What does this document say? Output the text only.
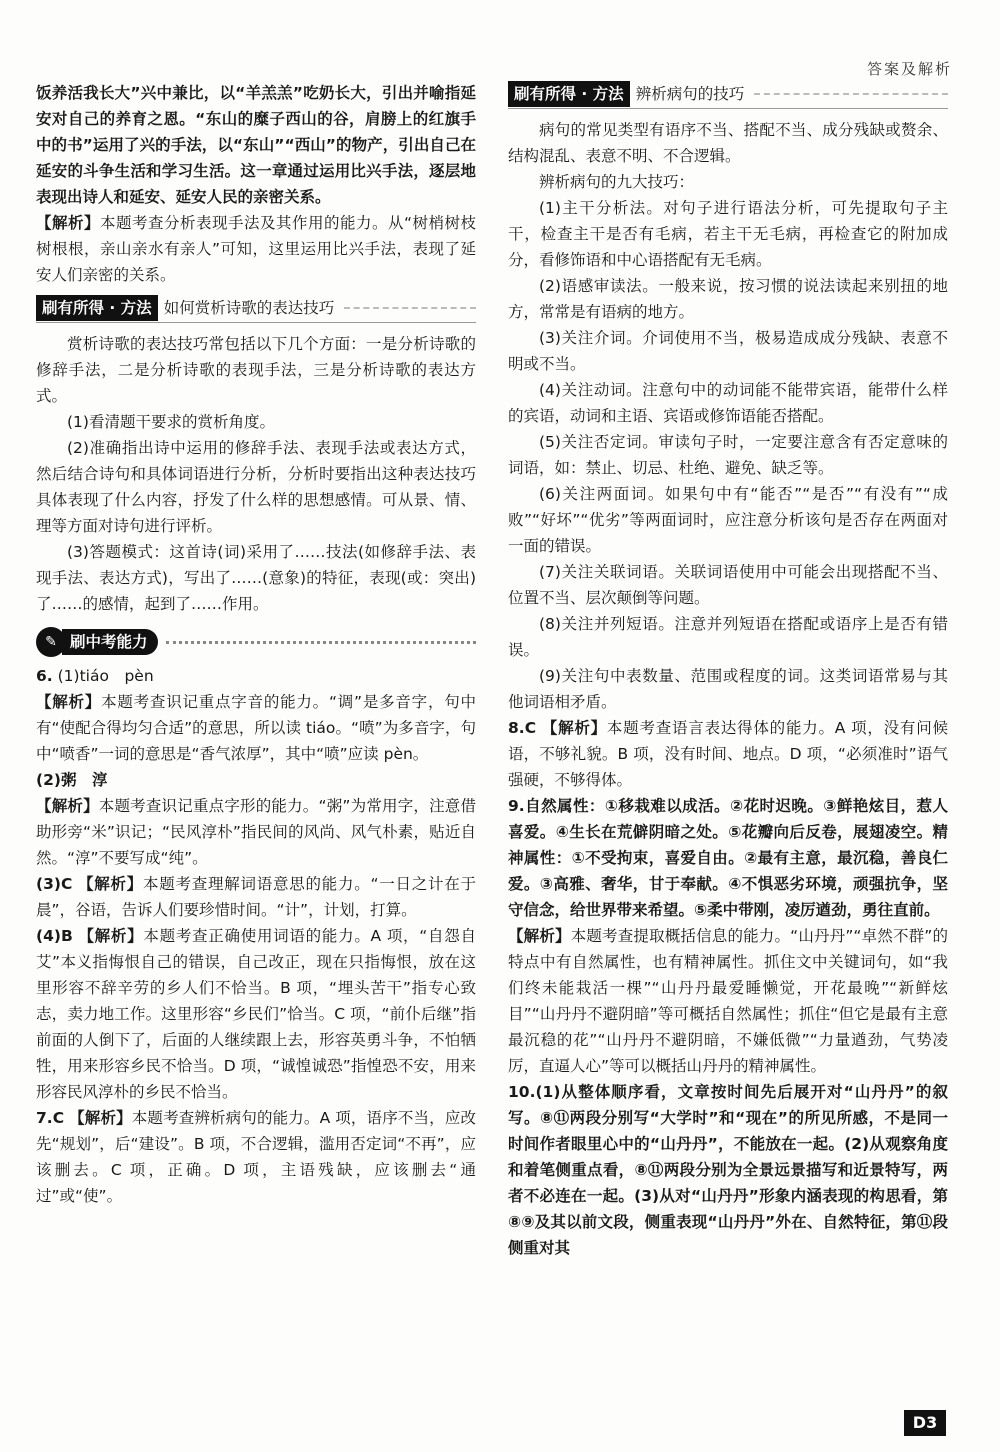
答案及解析

饭养活我长大”兴中兼比，以“羊羔羔”吃奶长大，引出并喻指延安对自己的养育之恩。“东山的糜子西山的谷，肩膀上的红旗手中的书”运用了兴的手法，以“东山”“西山”的物产，引出自己在延安的斗争生活和学习生活。这一章通过运用比兴手法，逐层地表现出诗人和延安、延安人民的亲密关系。

【解析】本题考查分析表现手法及其作用的能力。从“树梢树枝树根根，亲山亲水有亲人”可知，这里运用比兴手法，表现了延安人们亲密的关系。

刷有所得 · 方法 如何赏析诗歌的表达技巧

赏析诗歌的表达技巧常包括以下几个方面：一是分析诗歌的修辞手法，二是分析诗歌的表现手法，三是分析诗歌的表达方式。

(1)看清题干要求的赏析角度。

(2)准确指出诗中运用的修辞手法、表现手法或表达方式，然后结合诗句和具体词语进行分析，分析时要指出这种表达技巧具体表现了什么内容，抒发了什么样的思想感情。可从景、情、理等方面对诗句进行评析。

(3)答题模式：这首诗(词)采用了……技法(如修辞手法、表现手法、表达方式)，写出了……(意象)的特征，表现(或：突出)了……的感情，起到了……作用。

✎ 刷中考能力

6. (1)tiáo　pèn

【解析】本题考查识记重点字音的能力。“调”是多音字，句中有“使配合得均匀合适”的意思，所以读 tiáo。“喷”为多音字，句中“喷香”一词的意思是“香气浓厚”，其中“喷”应读 pèn。

(2)粥　淳

【解析】本题考查识记重点字形的能力。“粥”为常用字，注意借助形旁“米”识记；“民风淳朴”指民间的风尚、风气朴素，贴近自然。“淳”不要写成“纯”。

(3)C 【解析】本题考查理解词语意思的能力。“一日之计在于晨”，谷语，告诉人们要珍惜时间。“计”，计划，打算。

(4)B 【解析】本题考查正确使用词语的能力。A 项，“自怨自艾”本义指悔恨自己的错误，自己改正，现在只指悔恨，放在这里形容不辞辛劳的乡人们不恰当。B 项，“埋头苦干”指专心致志，卖力地工作。这里形容“乡民们”恰当。C 项，“前仆后继”指前面的人倒下了，后面的人继续跟上去，形容英勇斗争，不怕牺牲，用来形容乡民不恰当。D 项，“诚惶诚恐”指惶恐不安，用来形容民风淳朴的乡民不恰当。

7.C 【解析】本题考查辨析病句的能力。A 项，语序不当，应改先“规划”，后“建设”。B 项，不合逻辑，滥用否定词“不再”，应该删去。C 项，正确。D 项，主语残缺，应该删去“通过”或“使”。

刷有所得 · 方法 辨析病句的技巧

病句的常见类型有语序不当、搭配不当、成分残缺或赘余、结构混乱、表意不明、不合逻辑。

辨析病句的九大技巧：

(1)主干分析法。对句子进行语法分析，可先提取句子主干，检查主干是否有毛病，若主干无毛病，再检查它的附加成分，看修饰语和中心语搭配有无毛病。

(2)语感审读法。一般来说，按习惯的说法读起来别扭的地方，常常是有语病的地方。

(3)关注介词。介词使用不当，极易造成成分残缺、表意不明或不当。

(4)关注动词。注意句中的动词能不能带宾语，能带什么样的宾语，动词和主语、宾语或修饰语能否搭配。

(5)关注否定词。审读句子时，一定要注意含有否定意味的词语，如：禁止、切忌、杜绝、避免、缺乏等。

(6)关注两面词。如果句中有“能否”“是否”“有没有”“成败”“好坏”“优劣”等两面词时，应注意分析该句是否存在两面对一面的错误。

(7)关注关联词语。关联词语使用中可能会出现搭配不当、位置不当、层次颠倒等问题。

(8)关注并列短语。注意并列短语在搭配或语序上是否有错误。

(9)关注句中表数量、范围或程度的词。这类词语常易与其他词语相矛盾。

8.C 【解析】本题考查语言表达得体的能力。A 项，没有问候语，不够礼貌。B 项，没有时间、地点。D 项，“必须准时”语气强硬，不够得体。

9.自然属性：①移栽难以成活。②花时迟晚。③鲜艳炫目，惹人喜爱。④生长在荒僻阴暗之处。⑤花瓣向后反卷，展翅凌空。精神属性：①不受拘束，喜爱自由。②最有主意，最沉稳，善良仁爱。③高雅、奢华，甘于奉献。④不惧恶劣环境，顽强抗争，坚守信念，给世界带来希望。⑤柔中带刚，凌厉遒劲，勇往直前。

【解析】本题考查提取概括信息的能力。“山丹丹”“卓然不群”的特点中有自然属性，也有精神属性。抓住文中关键词句，如“我们终未能栽活一棵”“山丹丹最爱睡懒觉，开花最晚”“新鲜炫目”“山丹丹不避阴暗”等可概括自然属性；抓住“但它是最有主意最沉稳的花”“山丹丹不避阴暗，不嫌低微”“力量遒劲，气势凌厉，直逼人心”等可以概括山丹丹的精神属性。

10.(1)从整体顺序看，文章按时间先后展开对“山丹丹”的叙写。⑧⑪两段分别写“大学时”和“现在”的所见所感，不是同一时间作者眼里心中的“山丹丹”，不能放在一起。(2)从观察角度和着笔侧重点看，⑧⑪两段分别为全景远景描写和近景特写，两者不必连在一起。(3)从对“山丹丹”形象内涵表现的构思看，第⑧⑨及其以前文段，侧重表现“山丹丹”外在、自然特征，第⑪段侧重对其

D3
